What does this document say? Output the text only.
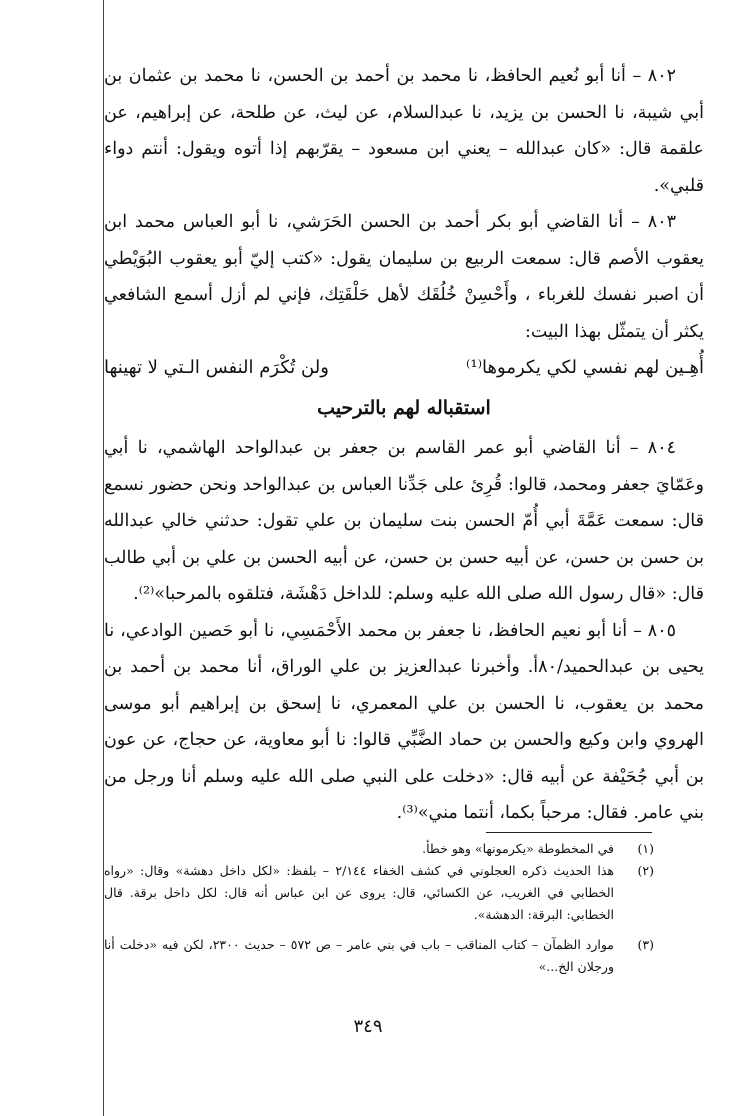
٨٠٢ – أنا أبو نُعيم الحافظ، نا محمد بن أحمد بن الحسن، نا محمد بن عثمان بن أبي شيبة، نا الحسن بن يزيد، نا عبدالسلام، عن ليث، عن طلحة، عن إبراهيم، عن علقمة قال: «كان عبدالله – يعني ابن مسعود – يقرّبهم إذا أتوه ويقول: أنتم دواء قلبي».

٨٠٣ – أنا القاضي أبو بكر أحمد بن الحسن الحَرَشي، نا أبو العباس محمد ابن يعقوب الأصم قال: سمعت الربيع بن سليمان يقول: «كتب إليّ أبو يعقوب البُوَيْطي أن اصبر نفسك للغرباء ، وأَحْسِنْ خُلُقَك لأهل حَلْقَتِك، فإني لم أزل أسمع الشافعي يكثر أن يتمثّل بهذا البيت:

أُهِـين لهم نفسي لكي يكرموها⁽¹⁾
ولن تُكْرَم النفس الـتي لا تهينها

استقباله لهم بالترحيب

٨٠٤ – أنا القاضي أبو عمر القاسم بن جعفر بن عبدالواحد الهاشمي، نا أبي وعَمّايَ جعفر ومحمد، قالوا: قُرِئ على جَدِّنا العباس بن عبدالواحد ونحن حضور نسمع قال: سمعت عَمَّةَ أبي أُمّ الحسن بنت سليمان بن علي تقول: حدثني خالي عبدالله بن حسن بن حسن، عن أبيه حسن بن حسن، عن أبيه الحسن بن علي بن أبي طالب قال: «قال رسول الله صلى الله عليه وسلم: للداخل دَهْشَة، فتلقوه بالمرحبا»⁽²⁾.

٨٠٥ – أنا أبو نعيم الحافظ، نا جعفر بن محمد الأَحْمَسِي، نا أبو حَصين الوادعي، نا يحيى بن عبدالحميد/٨٠أ. وأخبرنا عبدالعزيز بن علي الوراق، أنا محمد بن أحمد بن محمد بن يعقوب، نا الحسن بن علي المعمري، نا إسحق بن إبراهيم أبو موسى الهروي وابن وكيع والحسن بن حماد الضَّبِّي قالوا: نا أبو معاوية، عن حجاج، عن عون بن أبي جُحَيْفة عن أبيه قال: «دخلت على النبي صلى الله عليه وسلم أنا ورجل من بني عامر. فقال: مرحباً بكما، أنتما مني»⁽³⁾.

(١)
في المخطوطة «يكرمونها» وهو خطأ.
(٢)
هذا الحديث ذكره العجلوني في كشف الخفاء ٢/١٤٤ – بلفظ: «لكل داخل دهشة» وقال: «رواه الخطابي في الغريب، عن الكسائي، قال: يروى عن ابن عباس أنه قال: لكل داخل برقة. قال الخطابي: البرقة: الدهشة».
(٣)
موارد الظمآن – كتاب المناقب – باب في بني عامر – ص ٥٧٢ – حديث ٢٣٠٠، لكن فيه «دخلت أنا ورجلان الخ...»
٣٤٩
